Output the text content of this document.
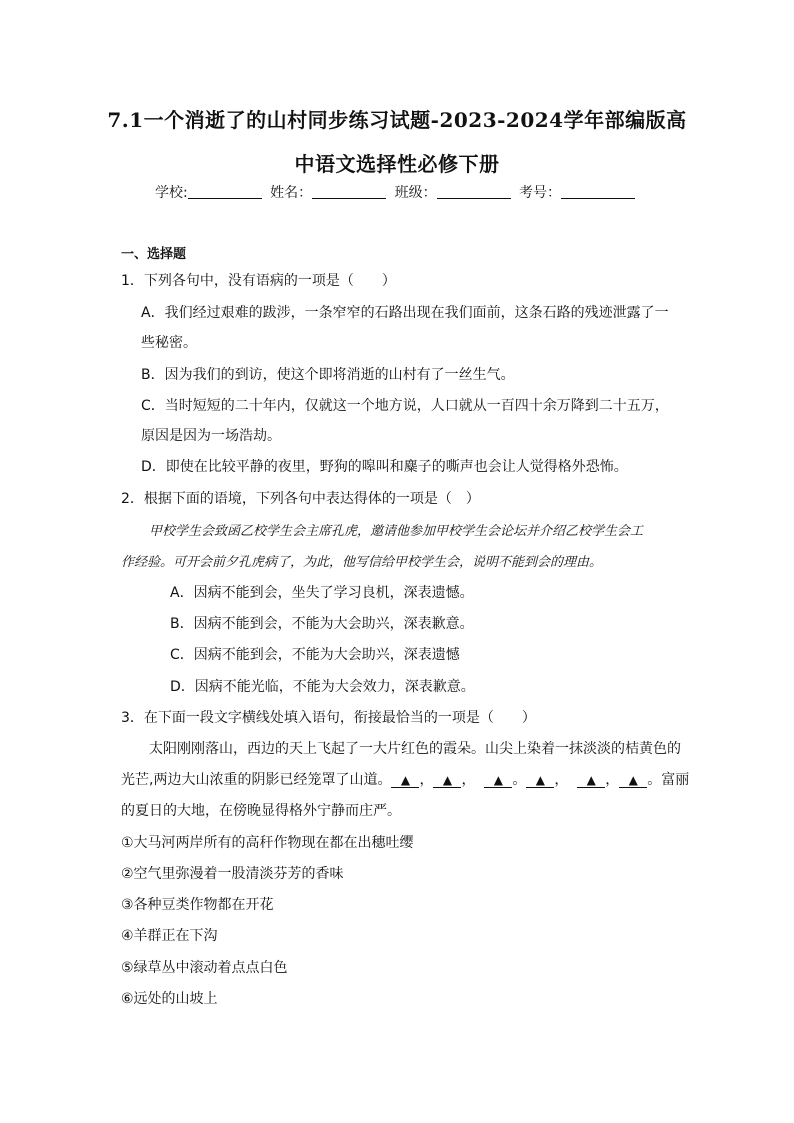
7.1一个消逝了的山村同步练习试题-2023-2024学年部编版高
中语文选择性必修下册
学校:	姓名：	班级：	考号：
一、选择题
1．下列各句中，没有语病的一项是（　　）
A．我们经过艰难的跋涉，一条窄窄的石路出现在我们面前，这条石路的残迹泄露了一
些秘密。
B．因为我们的到访，使这个即将消逝的山村有了一丝生气。
C．当时短短的二十年内，仅就这一个地方说，人口就从一百四十余万降到二十五万，
原因是因为一场浩劫。
D．即使在比较平静的夜里，野狗的嗥叫和麋子的嘶声也会让人觉得格外恐怖。
2．根据下面的语境，下列各句中表达得体的一项是（　）
甲校学生会致函乙校学生会主席孔虎，邀请他参加甲校学生会论坛并介绍乙校学生会工
作经验。可开会前夕孔虎病了，为此，他写信给甲校学生会，说明不能到会的理由。
A．因病不能到会，坐失了学习良机，深表遗憾。
B．因病不能到会，不能为大会助兴，深表歉意。
C．因病不能到会，不能为大会助兴，深表遗憾
D．因病不能光临，不能为大会效力，深表歉意。
3．在下面一段文字横线处填入语句，衔接最恰当的一项是（　　）
太阳刚刚落山，西边的天上飞起了一大片红色的霞朵。山尖上染着一抹淡淡的桔黄色的
光芒,两边大山浓重的阴影已经笼罩了山道。 ▲ ， ▲ ， ▲ 。 ▲ ， ▲ ， ▲ 。富丽
的夏日的大地，在傍晚显得格外宁静而庄严。
①大马河两岸所有的高秆作物现在都在出穗吐缨
②空气里弥漫着一股清淡芬芳的香味
③各种豆类作物都在开花
④羊群正在下沟
⑤绿草丛中滚动着点点白色
⑥远处的山坡上
